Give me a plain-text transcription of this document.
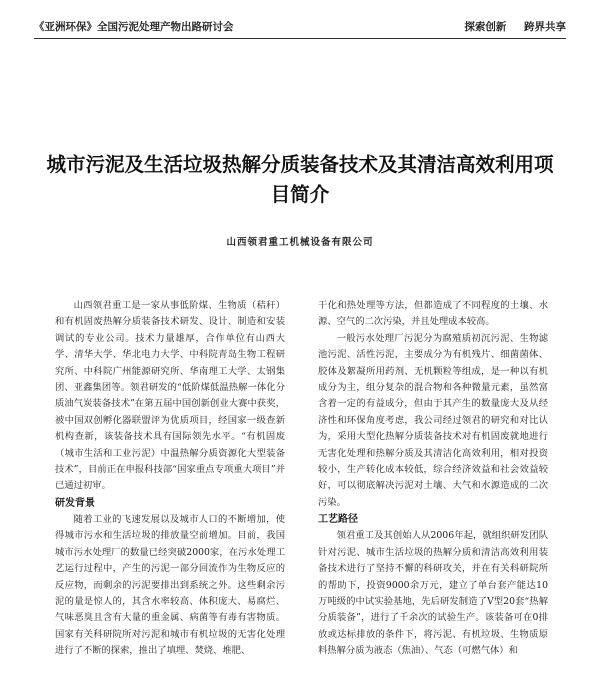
《亚洲环保》全国污泥处理产物出路研讨会	探索创新 跨界共享
城市污泥及生活垃圾热解分质装备技术及其清洁高效利用项目简介
山西领君重工机械设备有限公司

山西领君重工是一家从事低阶煤、生物质（秸秆）和有机固废热解分质装备技术研发、设计、制造和安装调试的专业公司。技术力量雄厚，合作单位有山西大学、清华大学、华北电力大学、中科院青岛生物工程研究所、中科院广州能源研究所、华南理工大学、太钢集团、亚鑫集团等。领君研发的“低阶煤低温热解一体化分质油气炭装备技术”在第五届中国创新创业大赛中获奖，被中国双创孵化器联盟评为优质项目，经国家一级查新机构查新，该装备技术具有国际领先水平。“有机固废（城市生活和工业污泥）中温热解分质资源化大型装备技术”，目前正在申报科技部“国家重点专项重大项目”并已通过初审。

研发背景

随着工业的飞速发展以及城市人口的不断增加，使得城市污水和生活垃圾的排放量空前增加。目前，我国城市污水处理厂的数量已经突破2000家，在污水处理工艺运行过程中，产生的污泥一部分回流作为生物反应的反应物，而剩余的污泥要排出到系统之外。这些剩余污泥的量是惊人的，其含水率较高、体积庞大、易腐烂、气味恶臭且含有大量的重金属、病菌等有毒有害物质。国家有关科研院所对污泥和城市有机垃圾的无害化处理进行了不断的探索，推出了填埋、焚烧、堆肥、

干化和热处理等方法，但都造成了不同程度的土壤、水源、空气的二次污染，并且处理成本较高。

一般污水处理厂污泥分为腐殖质初沉污泥、生物滤池污泥、活性污泥，主要成分为有机残片、细菌菌体、胶体及絮凝所用药剂、无机颗粒等组成，是一种以有机成分为主，组分复杂的混合物和各种微量元素，虽然富含着一定的有益成分，但由于其产生的数量庞大及从经济性和环保角度考虑，我公司经过领君的研究和对比认为，采用大型化热解分质装备技术对有机固废就地进行无害化处理和热解分质及其清洁化高效利用，相对投资较小，生产转化成本较低，综合经济效益和社会效益较好，可以彻底解决污泥对土壤、大气和水源造成的二次污染。

工艺路径

领君重工及其创始人从2006年起，就组织研发团队针对污泥、城市生活垃圾的热解分质和清洁高效利用装备技术进行了坚持不懈的科研攻关，并在有关科研院所的帮助下，投资9000余万元，建立了单台套产能达10万吨级的中试实验基地，先后研发制造了V型20套“热解分质装备”，进行了千余次的试验生产。该装备可在0排放或达标排放的条件下，将污泥、有机垃圾、生物质原料热解分质为液态（焦油）、气态（可燃气体）和
